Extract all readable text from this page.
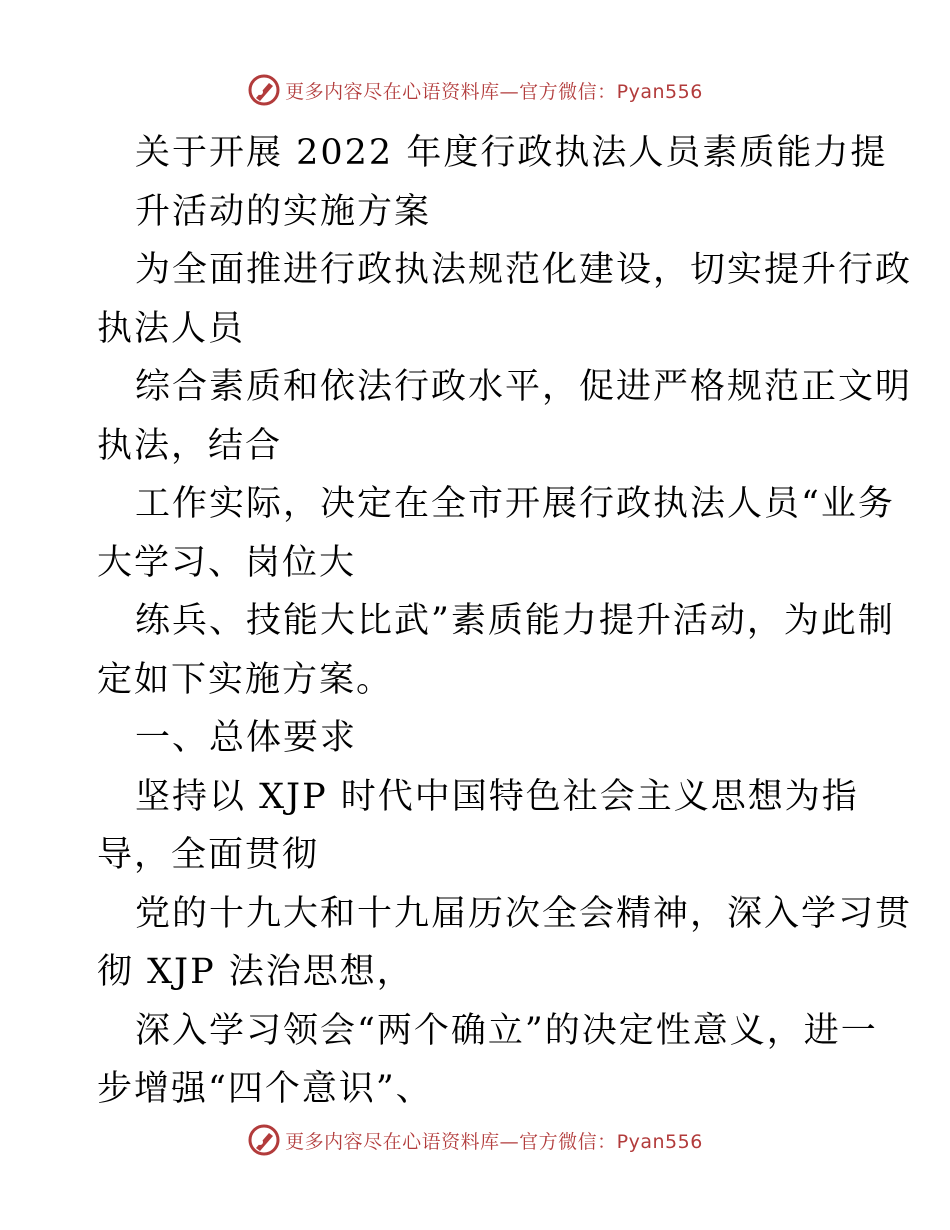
更多内容尽在心语资料库—官方微信：Pyan556
关于开展 2022 年度行政执法人员素质能力提
升活动的实施方案
为全面推进行政执法规范化建设，切实提升行政
执法人员
综合素质和依法行政水平，促进严格规范正文明
执法，结合
工作实际，决定在全市开展行政执法人员“业务
大学习、岗位大
练兵、技能大比武”素质能力提升活动，为此制
定如下实施方案。
一、总体要求
坚持以 XJP 时代中国特色社会主义思想为指
导，全面贯彻
党的十九大和十九届历次全会精神，深入学习贯
彻 XJP 法治思想，
深入学习领会“两个确立”的决定性意义，进一
步增强“四个意识”、
更多内容尽在心语资料库—官方微信：Pyan556
